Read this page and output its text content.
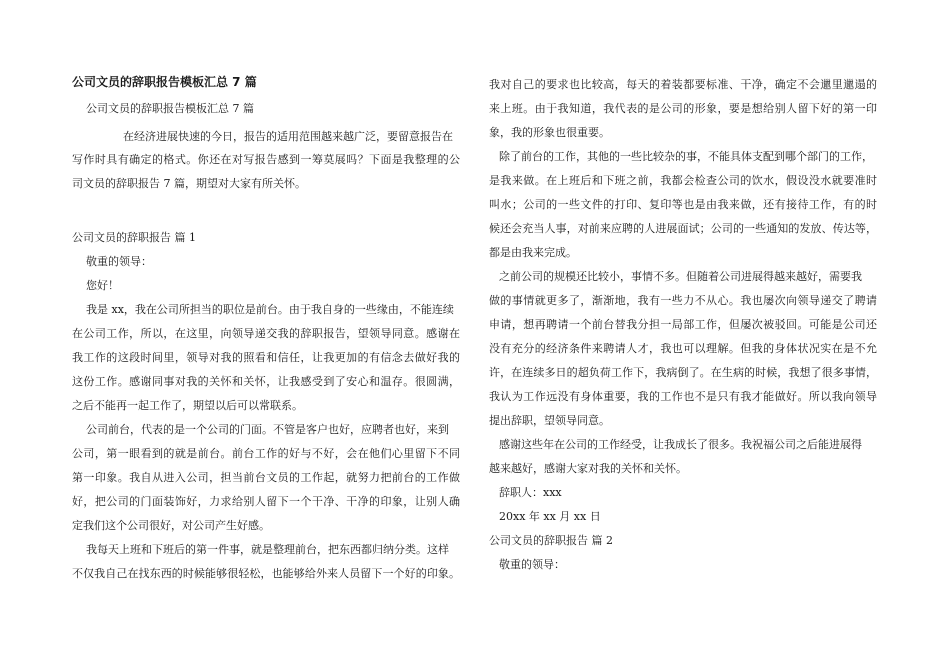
公司文员的辞职报告模板汇总 7 篇
公司文员的辞职报告模板汇总 7 篇
在经济进展快速的今日，报告的适用范围越来越广泛，要留意报告在
写作时具有确定的格式。你还在对写报告感到一筹莫展吗？下面是我整理的公
司文员的辞职报告 7 篇，期望对大家有所关怀。
公司文员的辞职报告 篇 1
敬重的领导：
您好！
我是 xx，我在公司所担当的职位是前台。由于我自身的一些缘由，不能连续
在公司工作，所以，在这里，向领导递交我的辞职报告，望领导同意。感谢在
我工作的这段时间里，领导对我的照看和信任，让我更加的有信念去做好我的
这份工作。感谢同事对我的关怀和关怀，让我感受到了安心和温存。很圆满，
之后不能再一起工作了，期望以后可以常联系。
公司前台，代表的是一个公司的门面。不管是客户也好，应聘者也好，来到
公司，第一眼看到的就是前台。前台工作的好与不好，会在他们心里留下不同
第一印象。我自从进入公司，担当前台文员的工作起，就努力把前台的工作做
好，把公司的门面装饰好，力求给别人留下一个干净、干净的印象，让别人确
定我们这个公司很好，对公司产生好感。
我每天上班和下班后的第一件事，就是整理前台，把东西都归纳分类。这样
不仅我自己在找东西的时候能够很轻松，也能够给外来人员留下一个好的印象。
我对自己的要求也比较高，每天的着装都要标准、干净，确定不会邋里邋遢的
来上班。由于我知道，我代表的是公司的形象，要是想给别人留下好的第一印
象，我的形象也很重要。
除了前台的工作，其他的一些比较杂的事，不能具体支配到哪个部门的工作，
是我来做。在上班后和下班之前，我都会检查公司的饮水，假设没水就要准时
叫水；公司的一些文件的打印、复印等也是由我来做，还有接待工作，有的时
候还会充当人事，对前来应聘的人进展面试；公司的一些通知的发放、传达等，
都是由我来完成。
之前公司的规模还比较小，事情不多。但随着公司进展得越来越好，需要我
做的事情就更多了，渐渐地，我有一些力不从心。我也屡次向领导递交了聘请
申请，想再聘请一个前台替我分担一局部工作，但屡次被驳回。可能是公司还
没有充分的经济条件来聘请人才，我也可以理解。但我的身体状况实在是不允
许，在连续多日的超负荷工作下，我病倒了。在生病的时候，我想了很多事情，
我认为工作远没有身体重要，我的工作也不是只有我才能做好。所以我向领导
提出辞职，望领导同意。
感谢这些年在公司的工作经受，让我成长了很多。我祝福公司之后能进展得
越来越好，感谢大家对我的关怀和关怀。
辞职人：xxx
20xx 年 xx 月 xx 日
公司文员的辞职报告 篇 2
敬重的领导：
